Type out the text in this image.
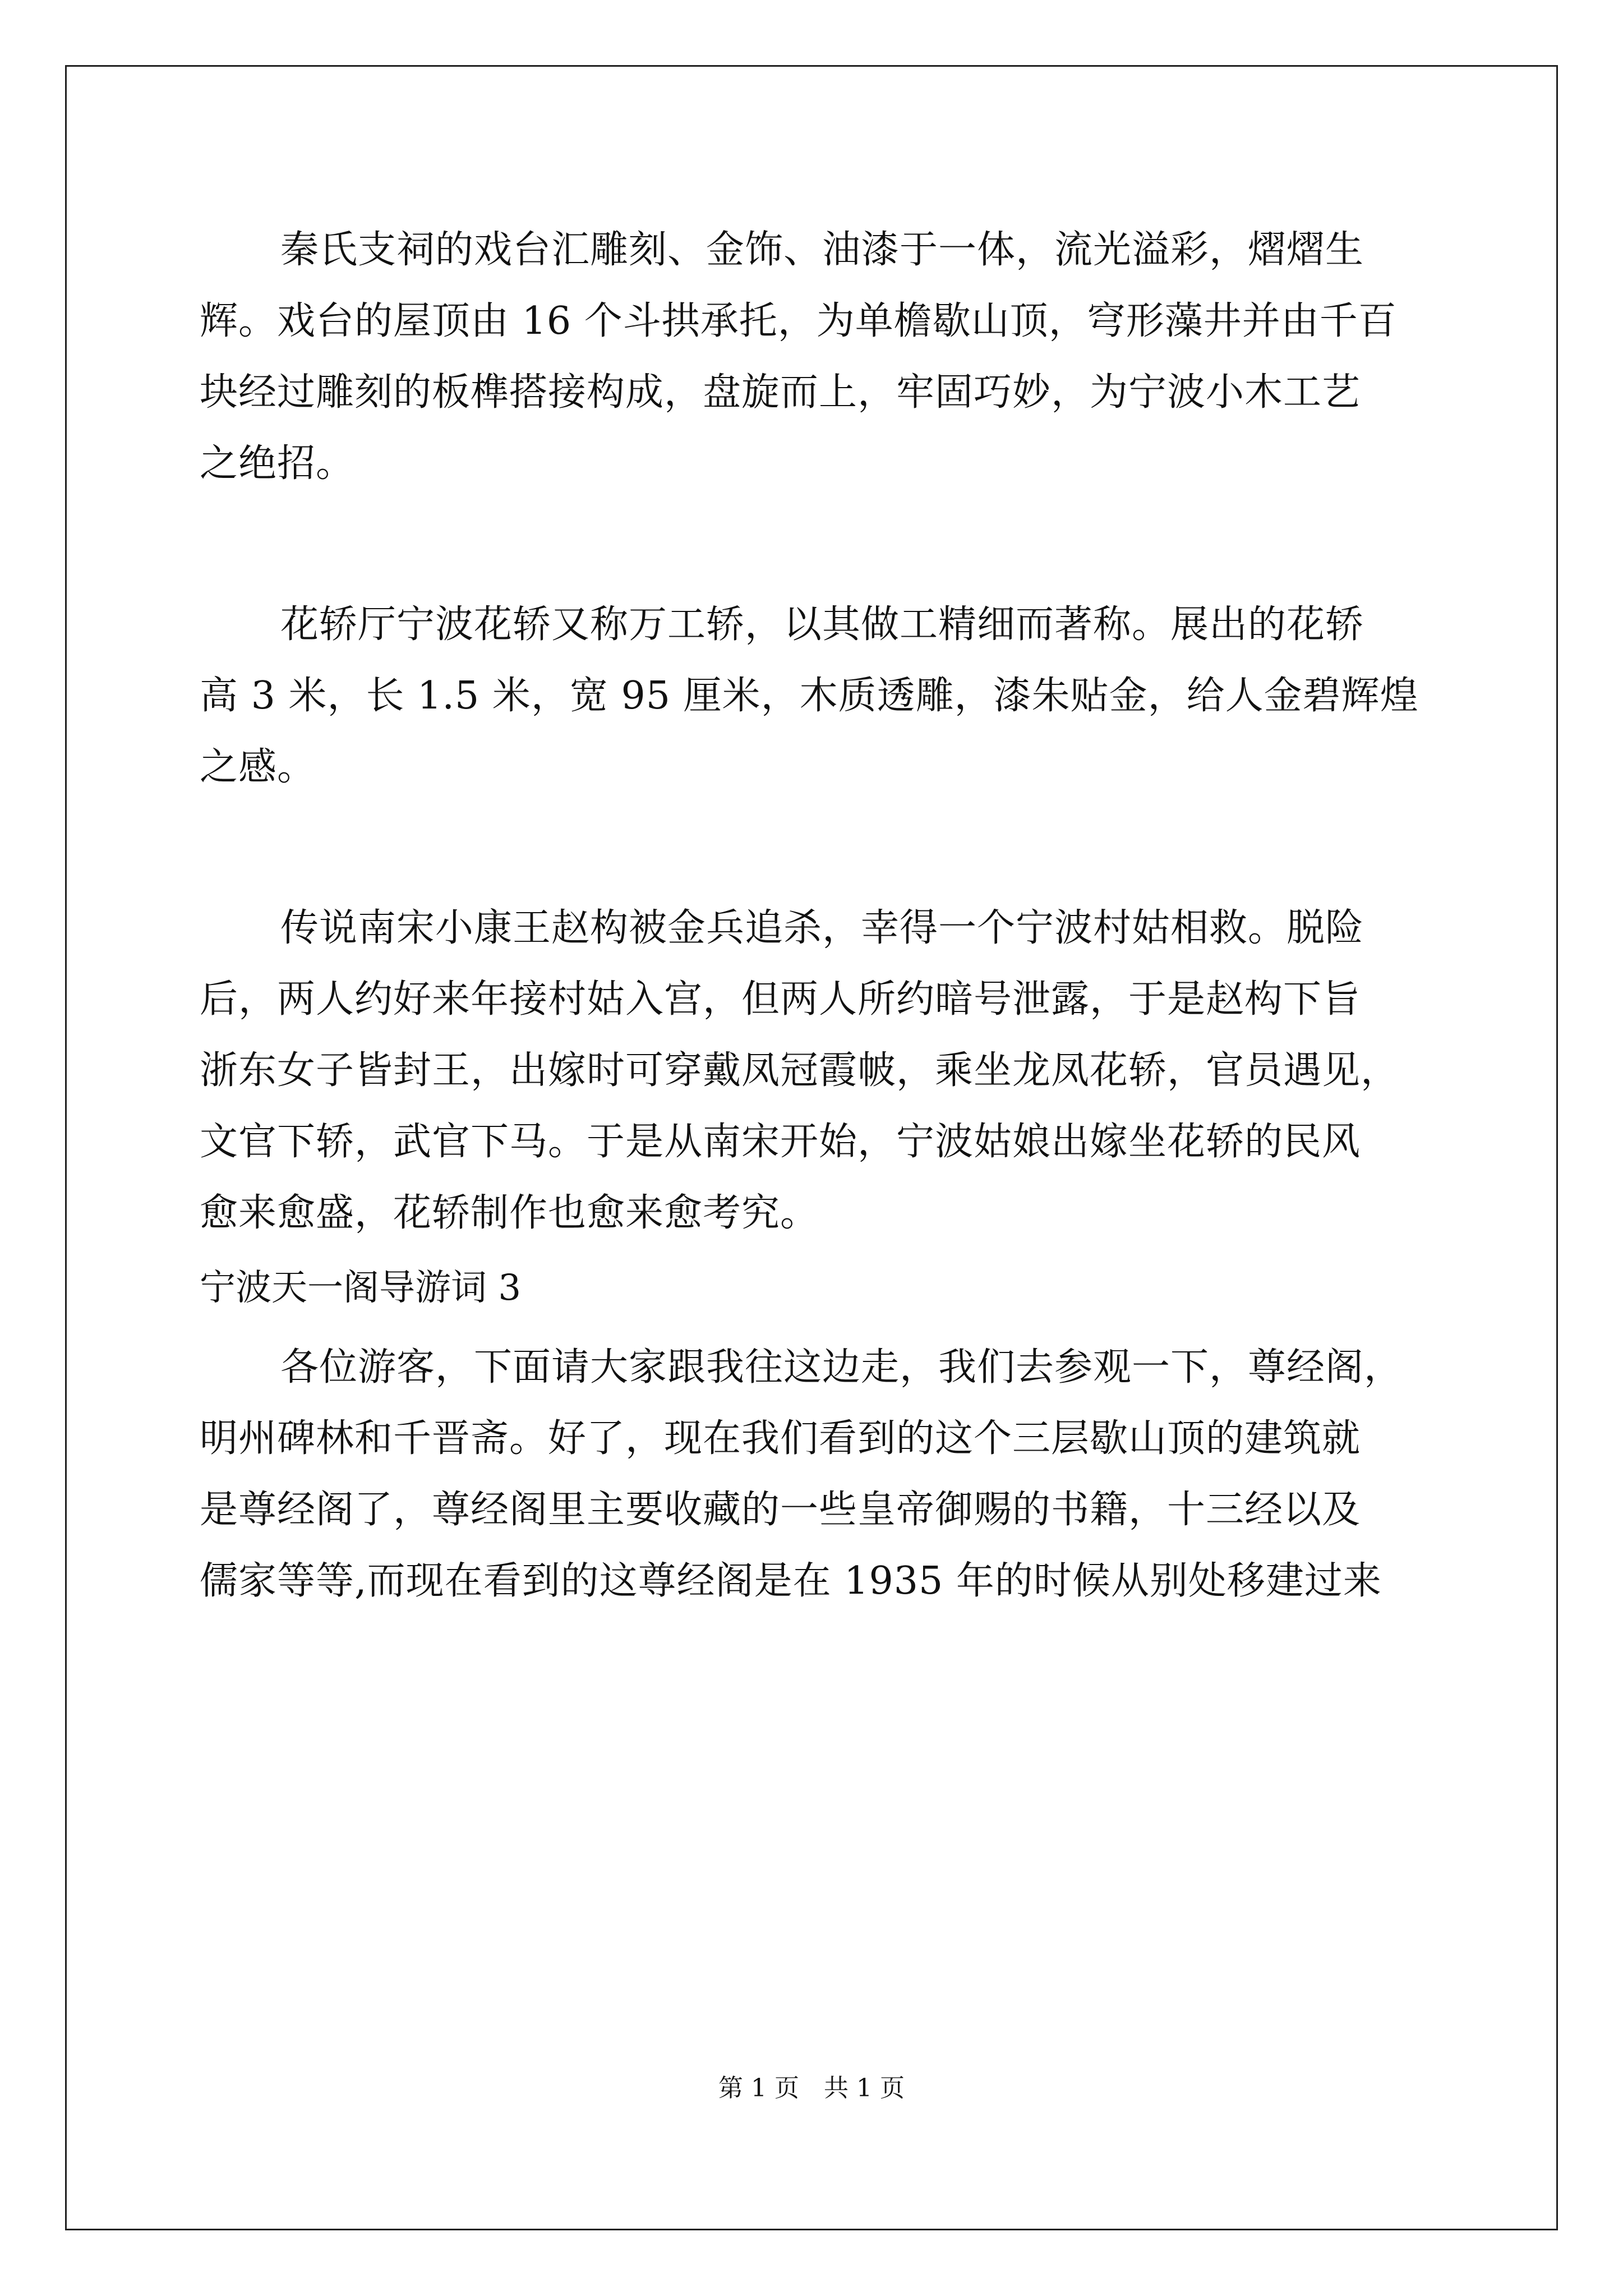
秦氏支祠的戏台汇雕刻、金饰、油漆于一体，流光溢彩，熠熠生

辉。戏台的屋顶由 16 个斗拱承托，为单檐歇山顶，穹形藻井并由千百

块经过雕刻的板榫搭接构成，盘旋而上，牢固巧妙，为宁波小木工艺

之绝招。

花轿厅宁波花轿又称万工轿，以其做工精细而著称。展出的花轿

高 3 米，长 1.5 米，宽 95 厘米，木质透雕，漆朱贴金，给人金碧辉煌

之感。

传说南宋小康王赵构被金兵追杀，幸得一个宁波村姑相救。脱险

后，两人约好来年接村姑入宫，但两人所约暗号泄露，于是赵构下旨

浙东女子皆封王，出嫁时可穿戴凤冠霞帔，乘坐龙凤花轿，官员遇见，

文官下轿，武官下马。于是从南宋开始，宁波姑娘出嫁坐花轿的民风

愈来愈盛，花轿制作也愈来愈考究。

宁波天一阁导游词 3

各位游客，下面请大家跟我往这边走，我们去参观一下，尊经阁，

明州碑林和千晋斋。好了，现在我们看到的这个三层歇山顶的建筑就

是尊经阁了，尊经阁里主要收藏的一些皇帝御赐的书籍，十三经以及

儒家等等,而现在看到的这尊经阁是在 1935 年的时候从别处移建过来

第 1 页　共 1 页
